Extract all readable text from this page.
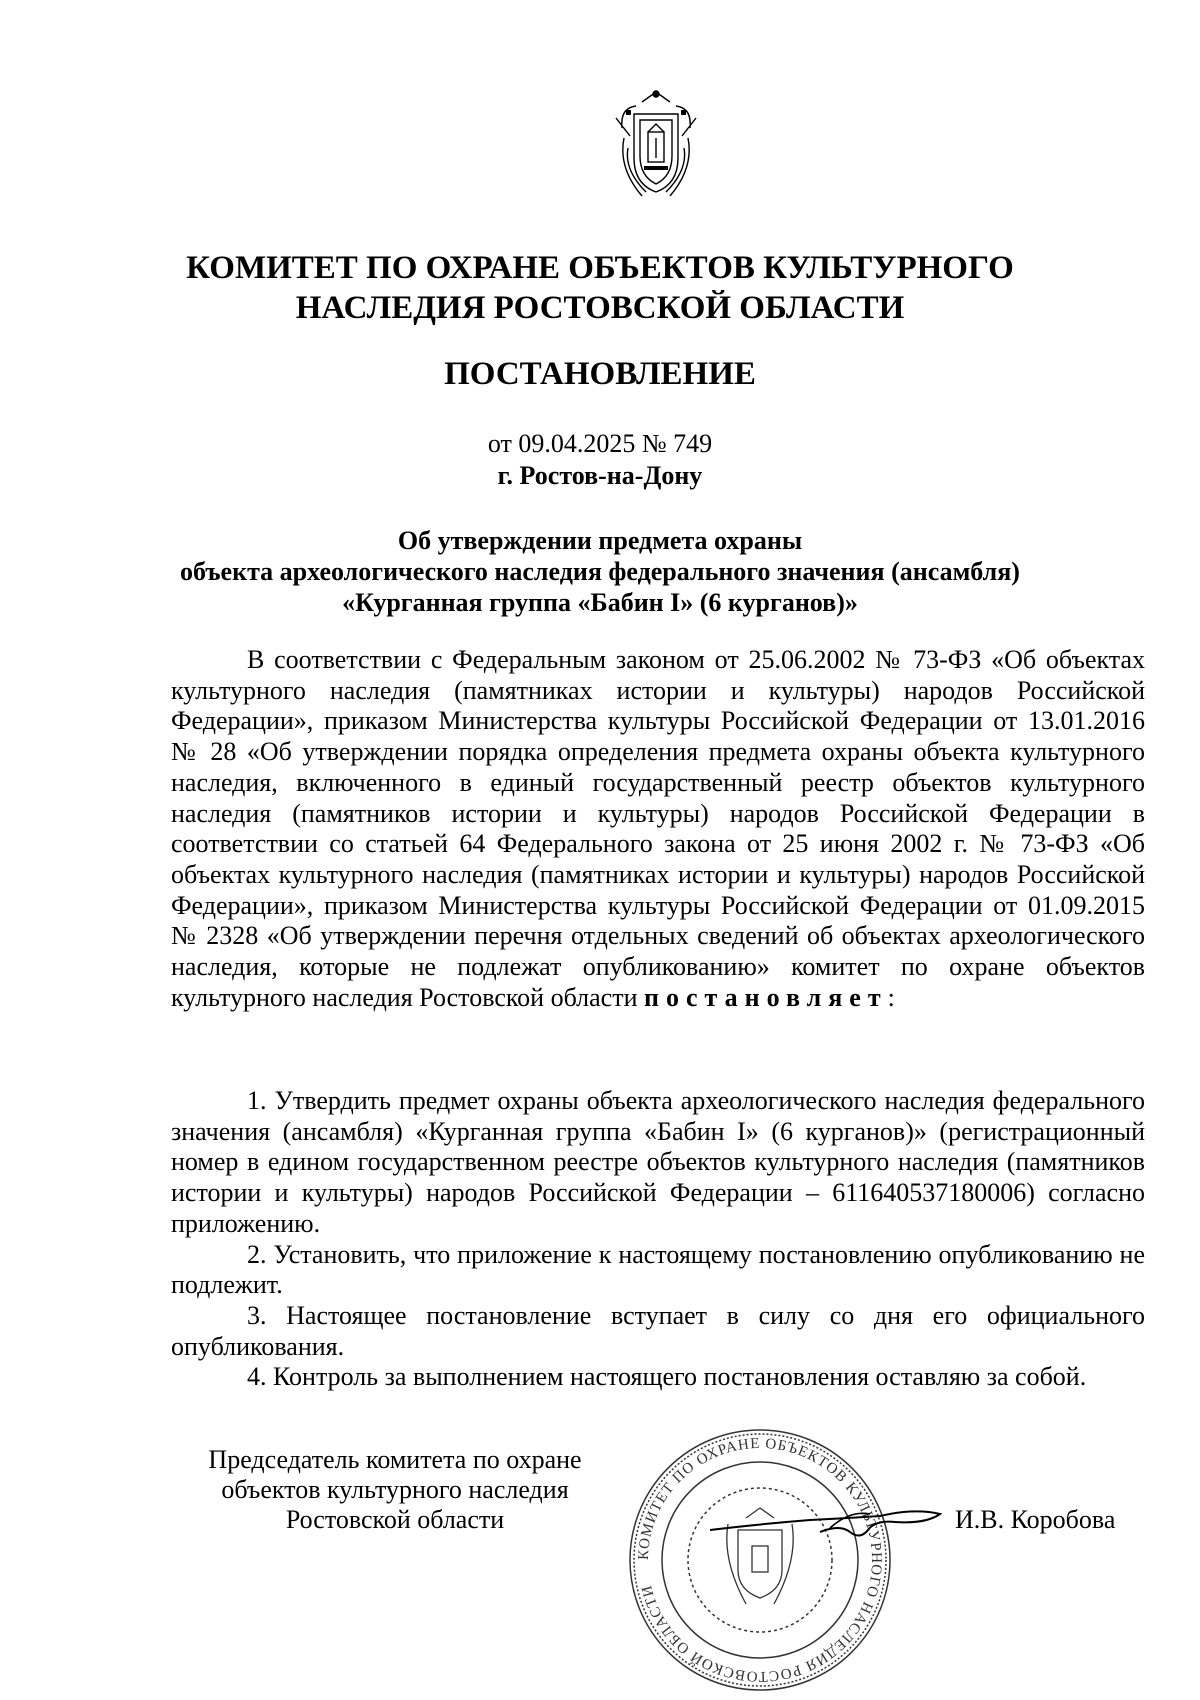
КОМИТЕТ ПО ОХРАНЕ ОБЪЕКТОВ КУЛЬТУРНОГО
НАСЛЕДИЯ РОСТОВСКОЙ ОБЛАСТИ
ПОСТАНОВЛЕНИЕ
от 09.04.2025 № 749
г. Ростов-на-Дону
Об утверждении предмета охраны
объекта археологического наследия федерального значения (ансамбля)
«Курганная группа «Бабин I» (6 курганов)»

В соответствии с Федеральным законом от 25.06.2002 № 73-ФЗ «Об объектах культурного наследия (памятниках истории и культуры) народов Российской Федерации», приказом Министерства культуры Российской Федерации от 13.01.2016 № 28 «Об утверждении порядка определения предмета охраны объекта культурного наследия, включенного в единый государственный реестр объектов культурного наследия (памятников истории и культуры) народов Российской Федерации в соответствии со статьей 64 Федерального закона от 25 июня 2002 г. № 73-ФЗ «Об объектах культурного наследия (памятниках истории и культуры) народов Российской Федерации», приказом Министерства культуры Российской Федерации от 01.09.2015 № 2328 «Об утверждении перечня отдельных сведений об объектах археологического наследия, которые не подлежат опубликованию» комитет по охране объектов культурного наследия Ростовской области постановляет:

1. Утвердить предмет охраны объекта археологического наследия федерального значения (ансамбля) «Курганная группа «Бабин I» (6 курганов)» (регистрационный номер в едином государственном реестре объектов культурного наследия (памятников истории и культуры) народов Российской Федерации – 611640537180006) согласно приложению.

2. Установить, что приложение к настоящему постановлению опубликованию не подлежит.

3. Настоящее постановление вступает в силу со дня его официального опубликования.

4. Контроль за выполнением настоящего постановления оставляю за собой.

Председатель комитета по охране
объектов культурного наследия
Ростовской области
КОМИТЕТ ПО ОХРАНЕ ОБЪЕКТОВ КУЛЬТУРНОГО НАСЛЕДИЯ РОСТОВСКОЙ ОБЛАСТИ
И.В. Коробова
